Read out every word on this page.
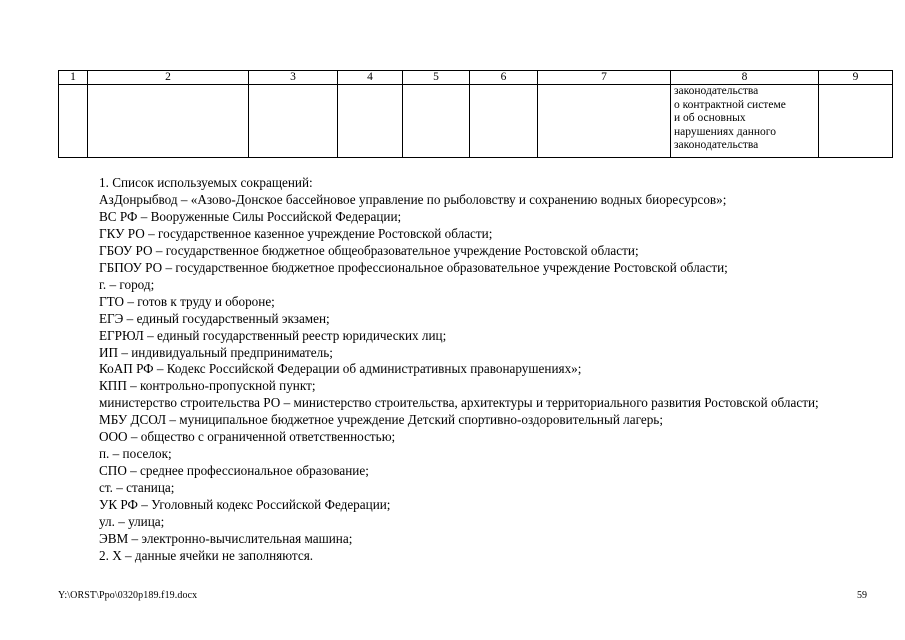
1	2	3	4	5	6	7	8	9

							законодательства
о контрактной системе
и об основных
нарушениях данного
законодательства	

1. Список используемых сокращений:
АзДонрыбвод – «Азово-Донское бассейновое управление по рыболовству и сохранению водных биоресурсов»;
ВС РФ – Вооруженные Силы Российской Федерации;
ГКУ РО – государственное казенное учреждение Ростовской области;
ГБОУ РО – государственное бюджетное общеобразовательное учреждение Ростовской области;
ГБПОУ РО – государственное бюджетное профессиональное образовательное учреждение Ростовской области;
г. – город;
ГТО – готов к труду и обороне;
ЕГЭ – единый государственный экзамен;
ЕГРЮЛ – единый государственный реестр юридических лиц;
ИП – индивидуальный предприниматель;
КоАП РФ – Кодекс Российской Федерации об административных правонарушениях»;
КПП – контрольно-пропускной пункт;
министерство строительства РО – министерство строительства, архитектуры и территориального развития Ростовской области;
МБУ ДСОЛ – муниципальное бюджетное учреждение Детский спортивно-оздоровительный лагерь;
ООО – общество с ограниченной ответственностью;
п. – поселок;
СПО – среднее профессиональное образование;
ст. – станица;
УК РФ – Уголовный кодекс Российской Федерации;
ул. – улица;
ЭВМ – электронно-вычислительная машина;
2. Х – данные ячейки не заполняются.
Y:\ORST\Ppo\0320p189.f19.docx	59
